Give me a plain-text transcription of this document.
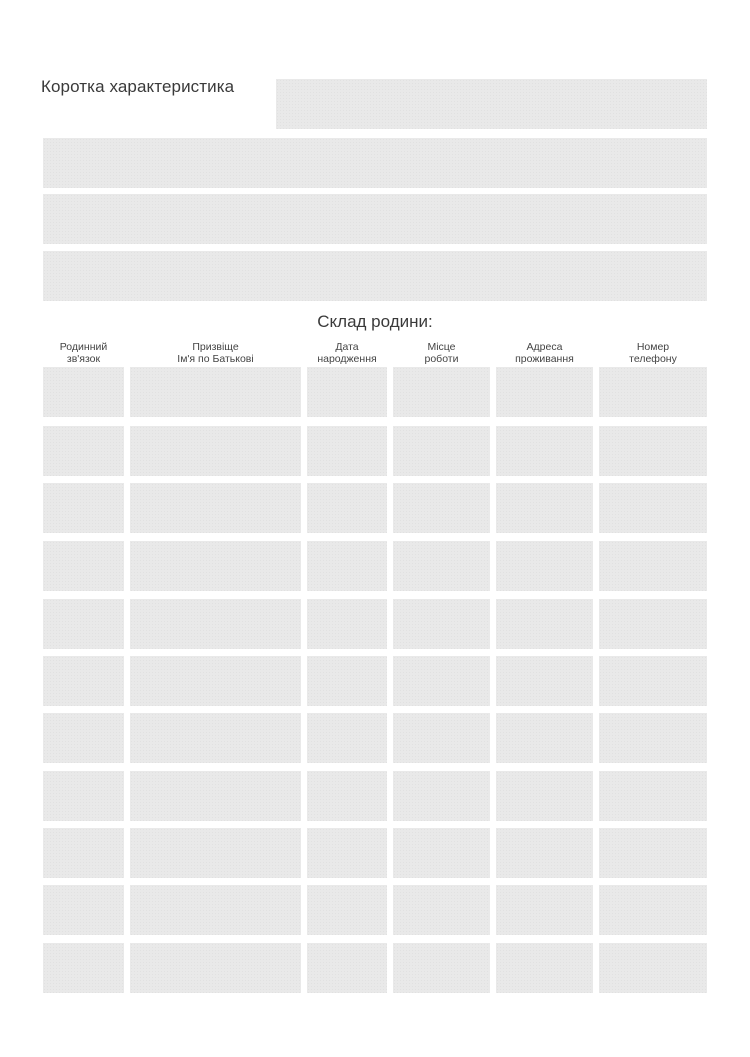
Коротка характеристика
Склад родини:
Родинний
зв'язок
Призвіще
Ім'я по Батькові
Дата
народження
Місце
роботи
Адреса
проживання
Номер
телефону
